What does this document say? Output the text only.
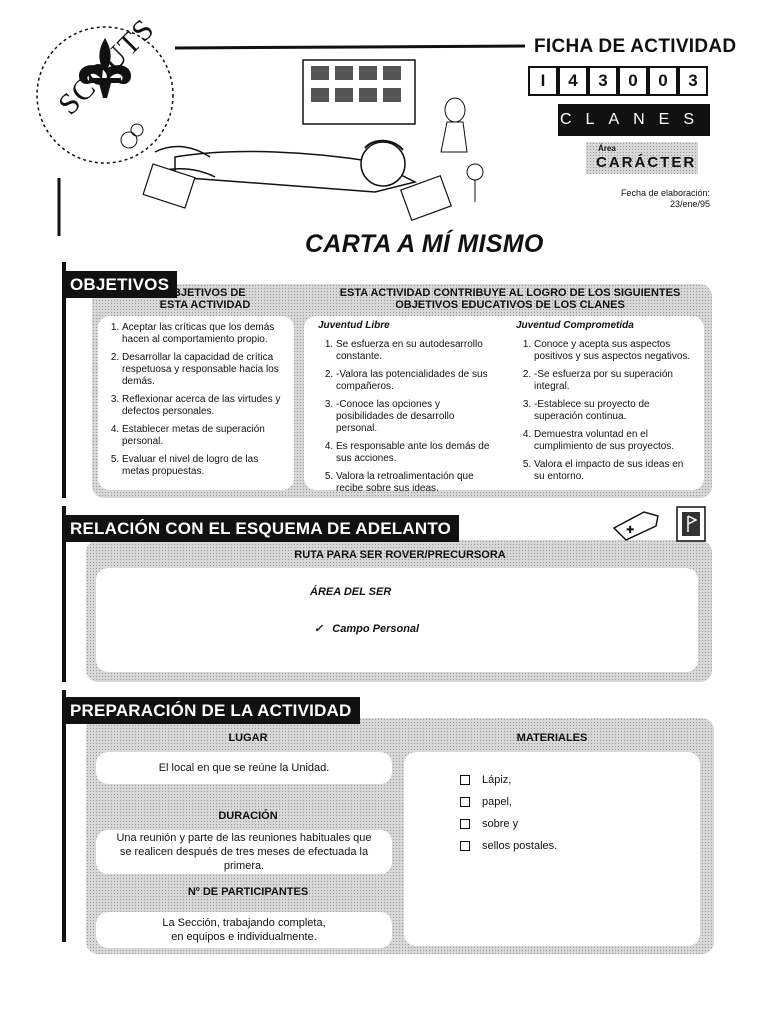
SCOUTS	FICHA DE ACTIVIDAD
I	4	3	0	0	3
CLANES
Área
CARÁCTER
Fecha de elaboración:
23/ene/95
CARTA A MÍ MISMO
OBJETIVOS
OBJETIVOS DE ESTA ACTIVIDAD
ESTA ACTIVIDAD CONTRIBUYE AL LOGRO DE LOS SIGUIENTES OBJETIVOS EDUCATIVOS DE LOS CLANES
1. Aceptar las críticas que los demás hacen al comportamiento propio.
2. Desarrollar la capacidad de crítica respetuosa y responsable hacia los demás.
3. Reflexionar acerca de las virtudes y defectos personales.
4. Establecer metas de superación personal.
5. Evaluar el nivel de logro de las metas propuestas.
Juventud Libre
1. Se esfuerza en su autodesarrollo constante.
2. -Valora las potencialidades de sus compañeros.
3. -Conoce las opciones y posibilidades de desarrollo personal.
4. Es responsable ante los demás de sus acciones.
5. Valora la retroalimentación que recibe sobre sus ideas.
Juventud Comprometida
1. Conoce y acepta sus aspectos positivos y sus aspectos negativos.
2. -Se esfuerza por su superación integral.
3. -Establece su proyecto de superación continua.
4. Demuestra voluntad en el cumplimiento de sus proyectos.
5. Valora el impacto de sus ideas en su entorno.
RELACIÓN CON EL ESQUEMA DE ADELANTO	✚
RUTA PARA SER ROVER/PRECURSORA
ÁREA DEL SER
✓ Campo Personal
PREPARACIÓN DE LA ACTIVIDAD
LUGAR
El local en que se reúne la Unidad.
DURACIÓN
Una reunión y parte de las reuniones habituales que se realicen después de tres meses de efectuada la primera.
Nº DE PARTICIPANTES
La Sección, trabajando completa, en equipos e individualmente.
MATERIALES
Lápiz,
papel,
sobre y
sellos postales.
